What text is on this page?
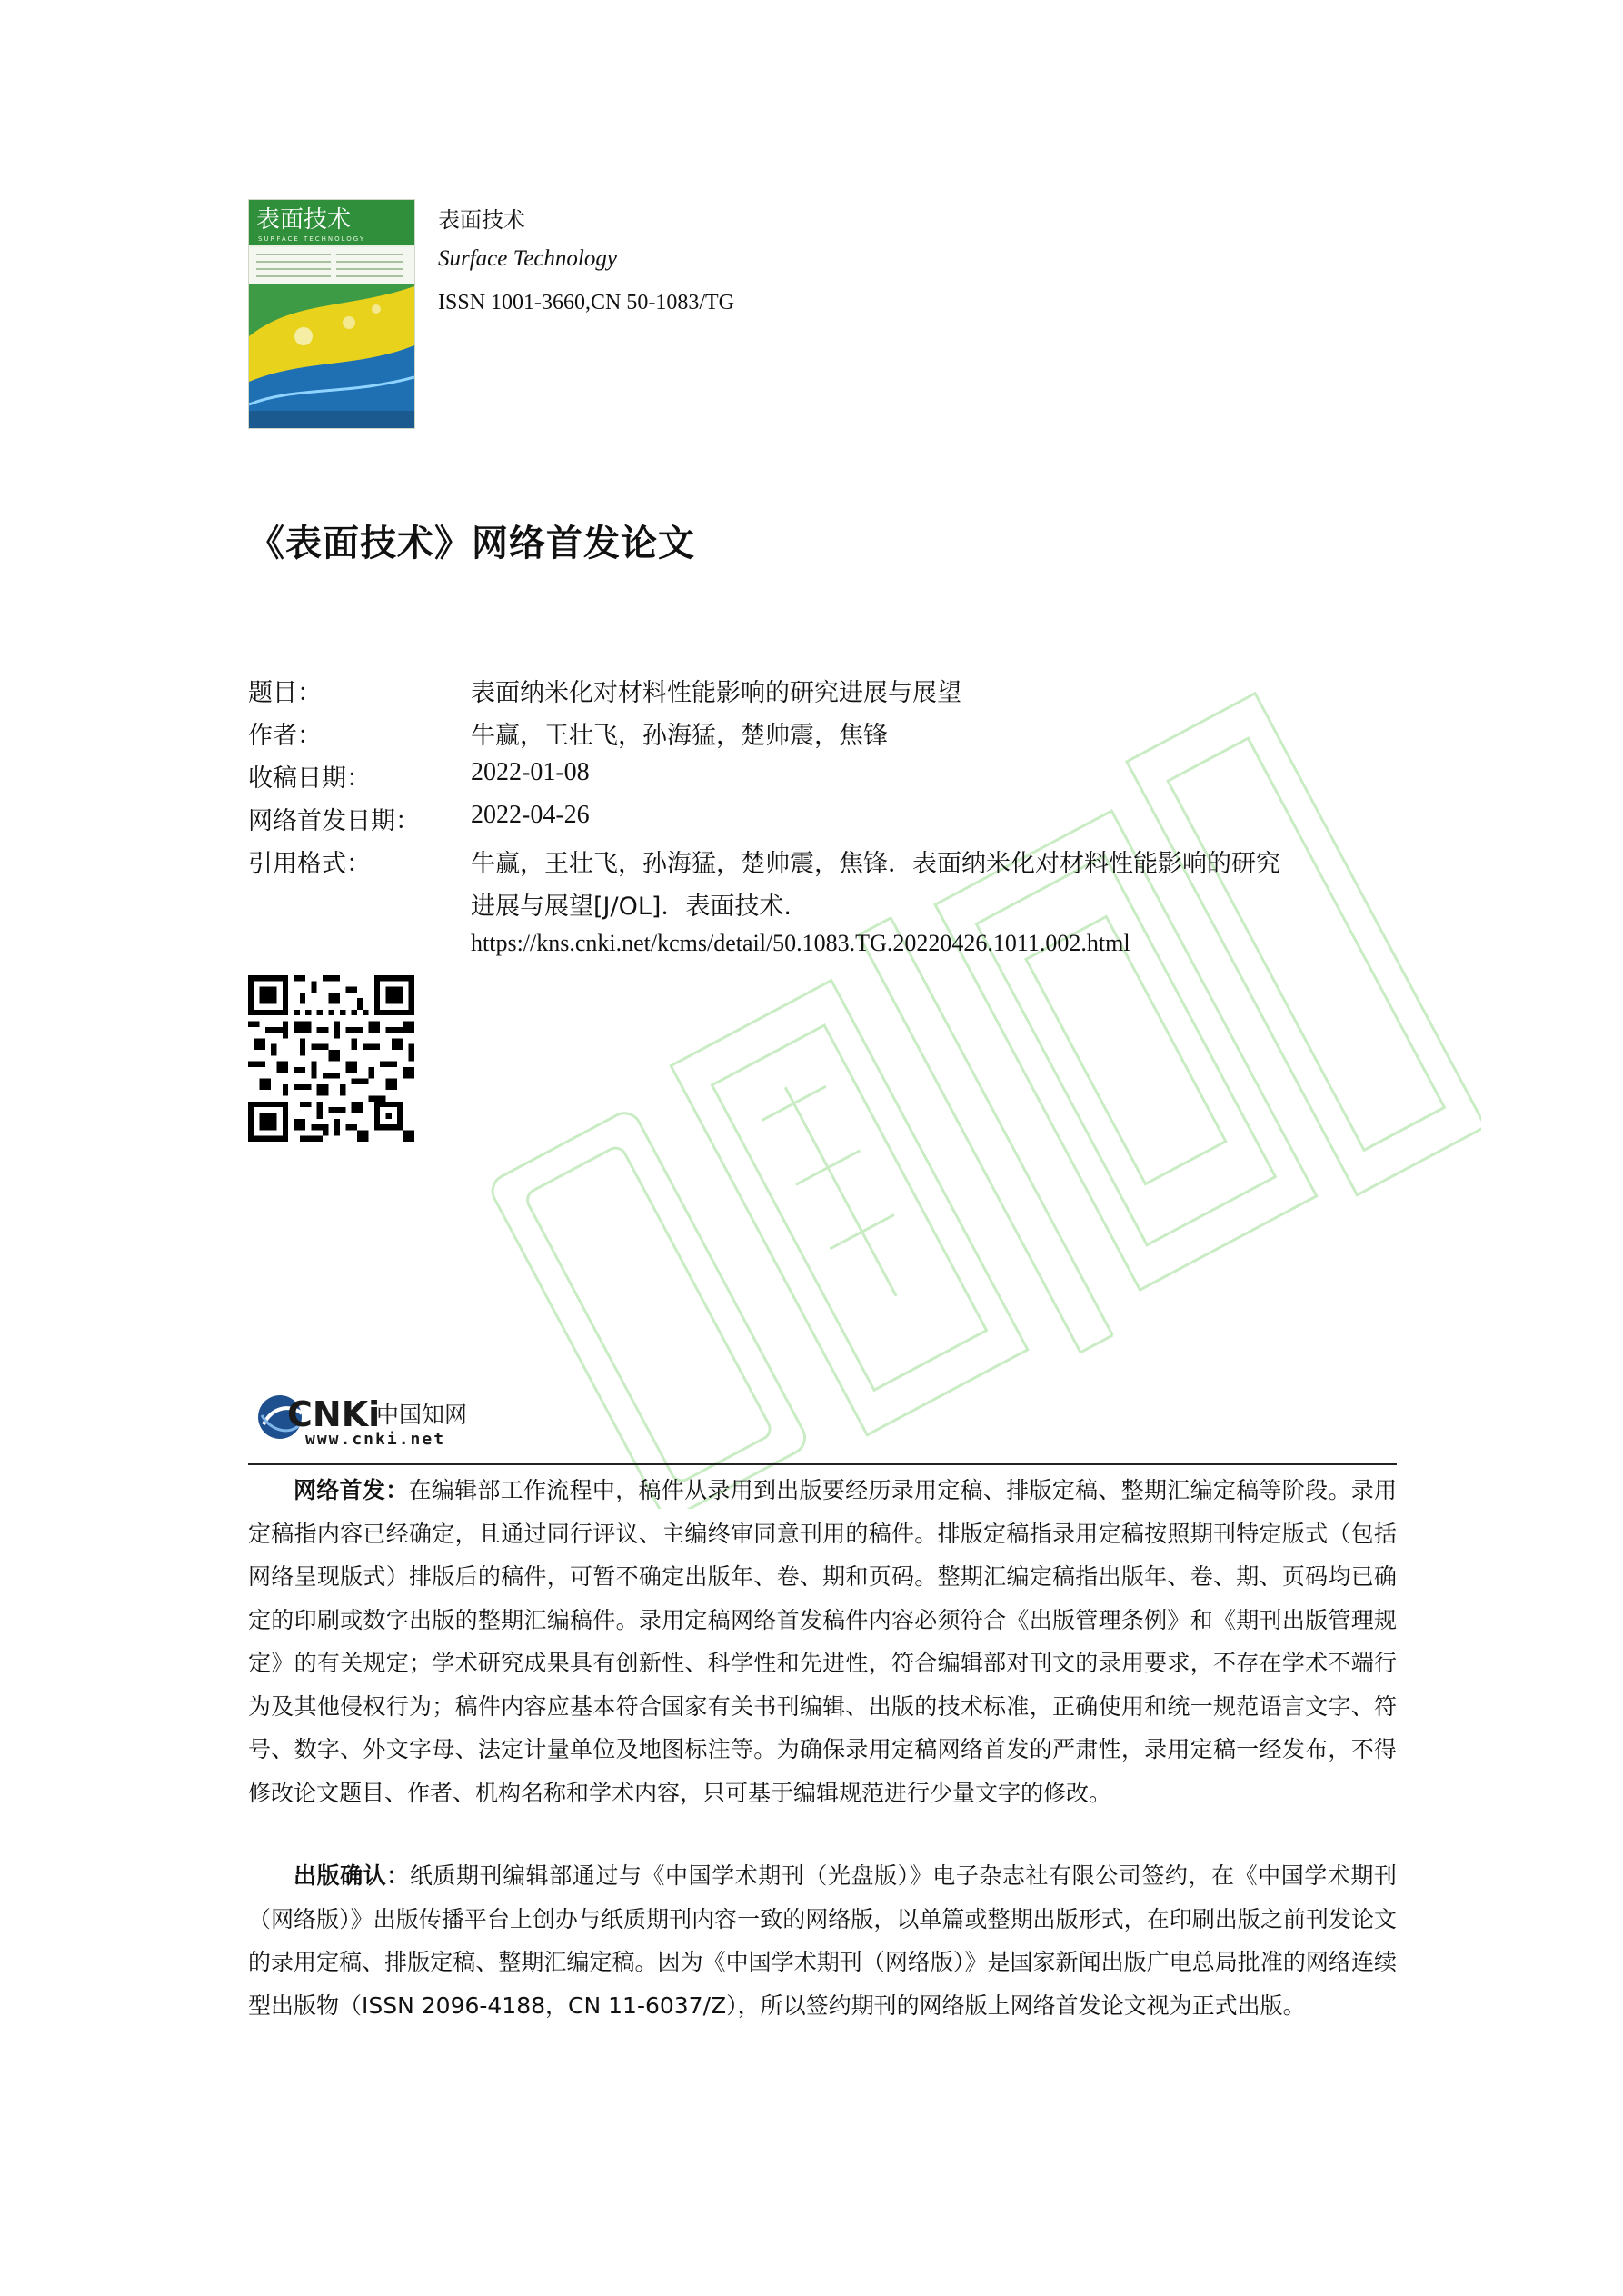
表面技术
SURFACE TECHNOLOGY
表面技术
Surface Technology
ISSN 1001-3660,CN 50-1083/TG
《表面技术》网络首发论文
题目：	表面纳米化对材料性能影响的研究进展与展望
作者：	牛赢，王壮飞，孙海猛，楚帅震，焦锋
收稿日期：	2022-01-08
网络首发日期： 2022-04-26
引用格式：	牛赢，王壮飞，孙海猛，楚帅震，焦锋．表面纳米化对材料性能影响的研究
进展与展望[J/OL]．表面技术.
https://kns.cnki.net/kcms/detail/50.1083.TG.20220426.1011.002.html
CNKi
中国知网
www.cnki.net
网络首发：在编辑部工作流程中，稿件从录用到出版要经历录用定稿、排版定稿、整期汇编定稿等阶段。录用定稿指内容已经确定，且通过同行评议、主编终审同意刊用的稿件。排版定稿指录用定稿按照期刊特定版式（包括网络呈现版式）排版后的稿件，可暂不确定出版年、卷、期和页码。整期汇编定稿指出版年、卷、期、页码均已确定的印刷或数字出版的整期汇编稿件。录用定稿网络首发稿件内容必须符合《出版管理条例》和《期刊出版管理规定》的有关规定；学术研究成果具有创新性、科学性和先进性，符合编辑部对刊文的录用要求，不存在学术不端行为及其他侵权行为；稿件内容应基本符合国家有关书刊编辑、出版的技术标准，正确使用和统一规范语言文字、符号、数字、外文字母、法定计量单位及地图标注等。为确保录用定稿网络首发的严肃性，录用定稿一经发布，不得修改论文题目、作者、机构名称和学术内容，只可基于编辑规范进行少量文字的修改。
出版确认：纸质期刊编辑部通过与《中国学术期刊（光盘版）》电子杂志社有限公司签约，在《中国学术期刊（网络版）》出版传播平台上创办与纸质期刊内容一致的网络版，以单篇或整期出版形式，在印刷出版之前刊发论文的录用定稿、排版定稿、整期汇编定稿。因为《中国学术期刊（网络版）》是国家新闻出版广电总局批准的网络连续型出版物（ISSN 2096-4188，CN 11-6037/Z），所以签约期刊的网络版上网络首发论文视为正式出版。
